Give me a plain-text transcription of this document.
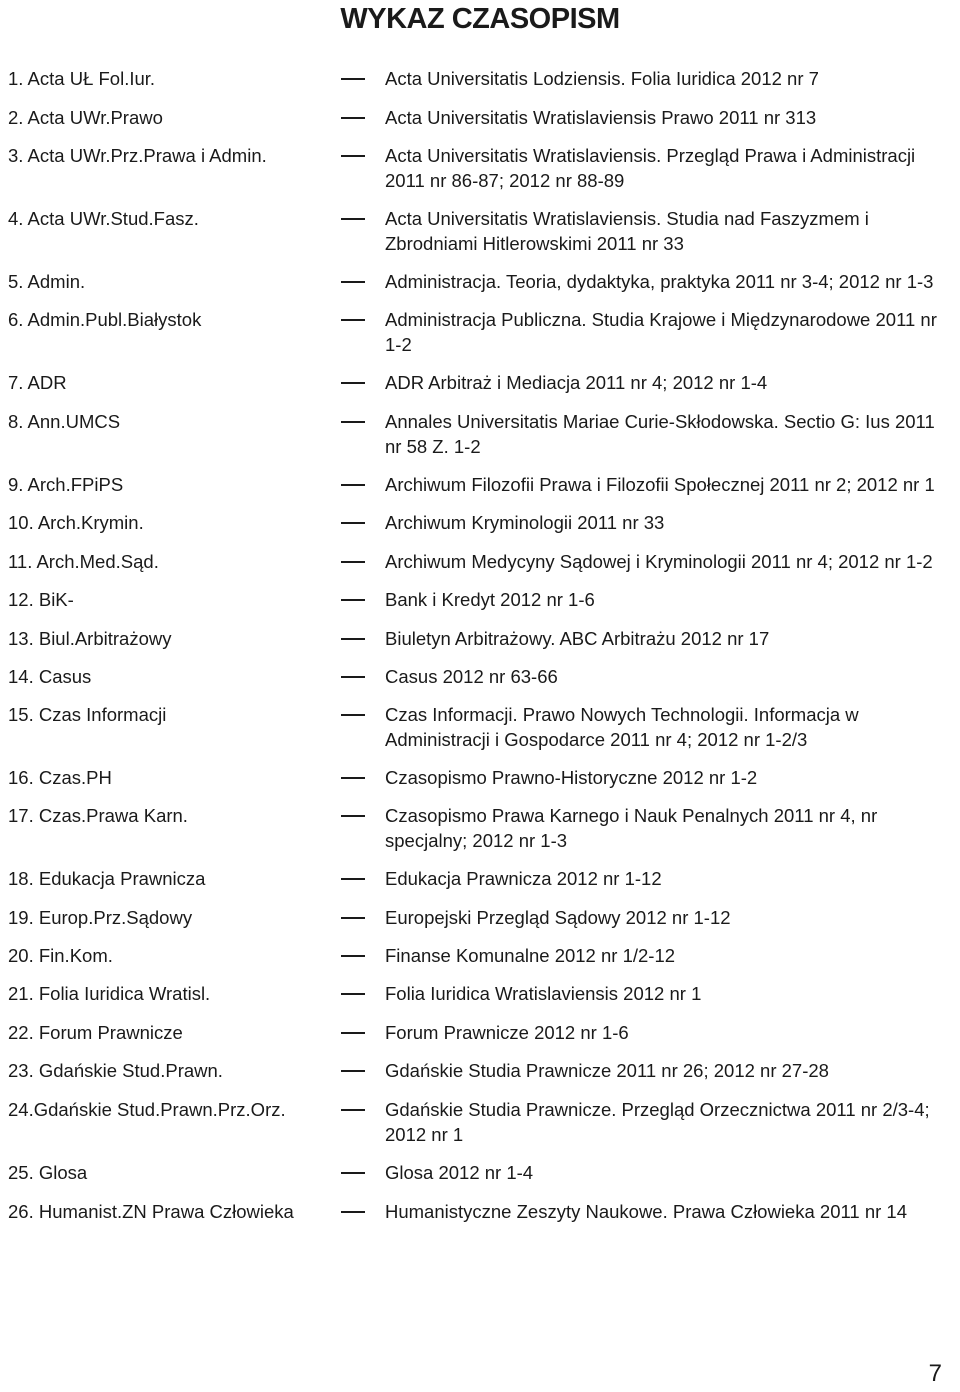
WYKAZ CZASOPISM
1. Acta UŁ Fol.Iur.	Acta Universitatis Lodziensis. Folia Iuridica 2012 nr 7
2. Acta UWr.Prawo	Acta Universitatis Wratislaviensis Prawo 2011 nr 313
3. Acta UWr.Prz.Prawa i Admin.	Acta Universitatis Wratislaviensis. Przegląd Prawa i Administracji 2011 nr 86-87; 2012 nr 88-89
4. Acta UWr.Stud.Fasz.	Acta Universitatis Wratislaviensis. Studia nad Faszyzmem i Zbrodniami Hitlerowskimi 2011 nr 33
5. Admin.	Administracja. Teoria, dydaktyka, praktyka 2011 nr 3-4; 2012 nr 1-3
6. Admin.Publ.Białystok	Administracja Publiczna. Studia Krajowe i Międzynarodowe 2011 nr 1-2
7. ADR	ADR Arbitraż i Mediacja 2011 nr 4; 2012 nr 1-4
8. Ann.UMCS	Annales Universitatis Mariae Curie-Skłodowska. Sectio G: Ius 2011 nr 58 Z. 1-2
9. Arch.FPiPS	Archiwum Filozofii Prawa i Filozofii Społecznej 2011 nr 2; 2012 nr 1
10. Arch.Krymin.	Archiwum Kryminologii 2011 nr 33
11. Arch.Med.Sąd.	Archiwum Medycyny Sądowej i Kryminologii 2011 nr 4; 2012 nr 1-2
12. BiK-	Bank i Kredyt 2012 nr 1-6
13. Biul.Arbitrażowy	Biuletyn Arbitrażowy. ABC Arbitrażu 2012 nr 17
14. Casus	Casus 2012 nr 63-66
15. Czas Informacji	Czas Informacji. Prawo Nowych Technologii. Informacja w Administracji i Gospodarce 2011 nr 4; 2012 nr 1-2/3
16. Czas.PH	Czasopismo Prawno-Historyczne 2012 nr 1-2
17. Czas.Prawa Karn.	Czasopismo Prawa Karnego i Nauk Penalnych 2011 nr 4, nr specjalny; 2012 nr 1-3
18. Edukacja Prawnicza	Edukacja Prawnicza 2012 nr 1-12
19. Europ.Prz.Sądowy	Europejski Przegląd Sądowy 2012 nr 1-12
20. Fin.Kom.	Finanse Komunalne 2012 nr 1/2-12
21. Folia Iuridica Wratisl.	Folia Iuridica Wratislaviensis 2012 nr 1
22. Forum Prawnicze	Forum Prawnicze 2012 nr 1-6
23. Gdańskie Stud.Prawn.	Gdańskie Studia Prawnicze 2011 nr 26; 2012 nr 27-28
24.Gdańskie Stud.Prawn.Prz.Orz.	Gdańskie Studia Prawnicze. Przegląd Orzecznictwa 2011 nr 2/3-4; 2012 nr 1
25. Glosa	Glosa 2012 nr 1-4
26. Humanist.ZN Prawa Człowieka	Humanistyczne Zeszyty Naukowe. Prawa Człowieka 2011 nr 14
7
